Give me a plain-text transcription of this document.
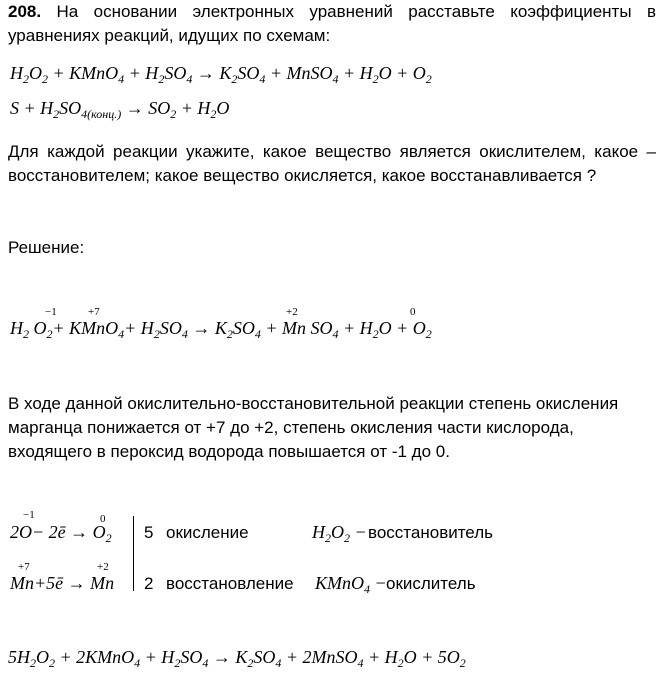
208. На основании электронных уравнений расставьте коэффициенты в уравнениях реакций, идущих по схемам:
$H_2O_2$ + KMnO$_4$ + $H_2SO_4 \to K_2SO_4$ + MnSO$_4$ + $H_2O + O_2$
$S + H_2SO_{4(конц.)} \to SO_2 + H_2O$
Для каждой реакции укажите, какое вещество является окислителем, какое – восстановителем; какое вещество окисляется, какое восстанавливается ?
Решение:
−1	+7	+2	0
$H_2$ $O_2+$ KMnO$_4$+ $H_2SO_4 \to K_2SO_4 + Mn$ $SO_4 + H_2O + O_2$
В ходе данной окислительно-восстановительной реакции степень окисления марганца понижается от +7 до +2, степень окисления части кислорода, входящего в пероксид водорода повышается от -1 до 0.
−1	0
2O− 2ē → $O_2$ 5 окисление	$H_2O_2$ − восстановитель
+7	+2
Mn+5ē → Mn 2 восстановление KMnO$_4$ − окислитель
$5H_2O_2$ + 2KMnO$_4$ + $H_2SO_4 \to K_2SO_4$ + 2MnSO$_4$ + $H_2O + 5O_2$
